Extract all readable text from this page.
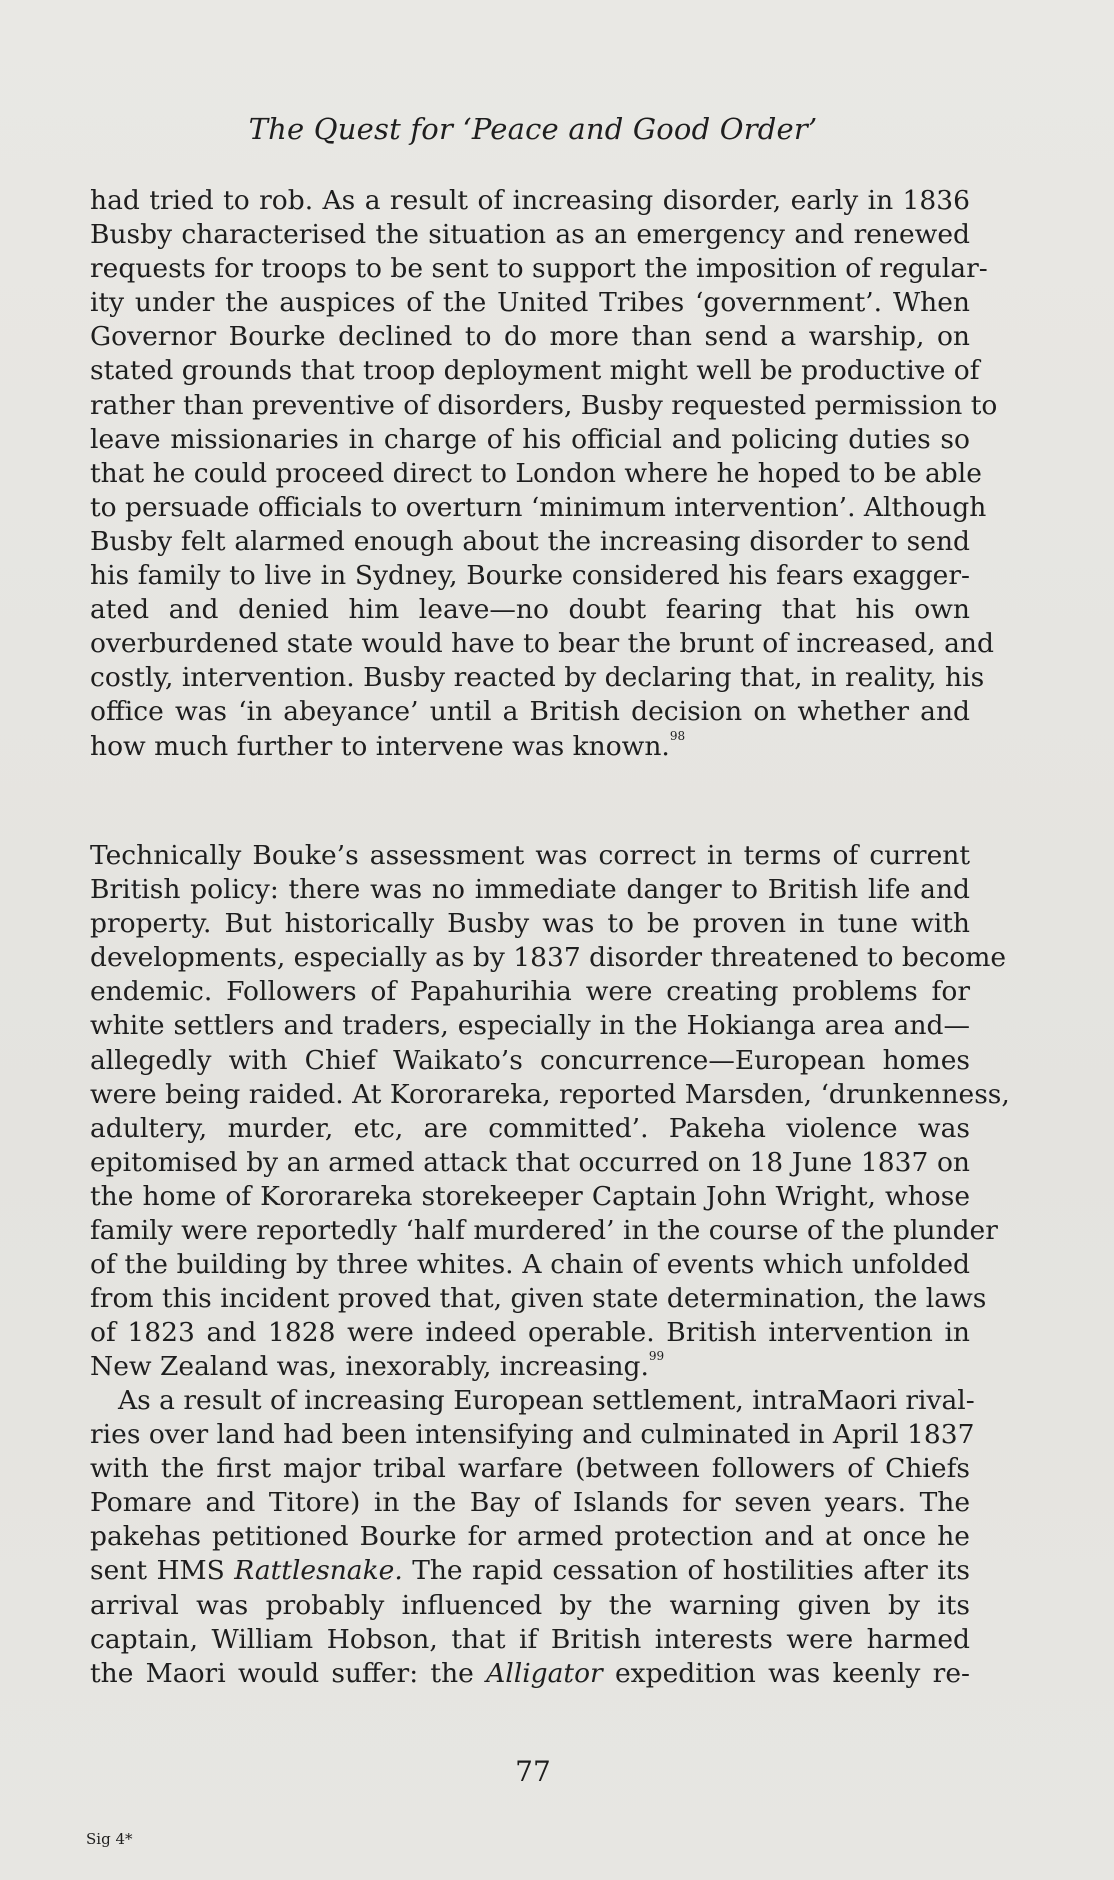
The Quest for ‘Peace and Good Order’
had tried to rob. As a result of increasing disorder, early in 1836
Busby characterised the situation as an emergency and renewed
requests for troops to be sent to support the imposition of regular-
ity under the auspices of the United Tribes ‘government’. When
Governor Bourke declined to do more than send a warship, on
stated grounds that troop deployment might well be productive of
rather than preventive of disorders, Busby requested permission to
leave missionaries in charge of his official and policing duties so
that he could proceed direct to London where he hoped to be able
to persuade officials to overturn ‘minimum intervention’. Although
Busby felt alarmed enough about the increasing disorder to send
his family to live in Sydney, Bourke considered his fears exagger-
ated and denied him leave—no doubt fearing that his own
overburdened state would have to bear the brunt of increased, and
costly, intervention. Busby reacted by declaring that, in reality, his
office was ‘in abeyance’ until a British decision on whether and
how much further to intervene was known.$^{98}$
Technically Bouke’s assessment was correct in terms of current
British policy: there was no immediate danger to British life and
property. But historically Busby was to be proven in tune with
developments, especially as by 1837 disorder threatened to become
endemic. Followers of Papahurihia were creating problems for
white settlers and traders, especially in the Hokianga area and—
allegedly with Chief Waikato’s concurrence—European homes
were being raided. At Kororareka, reported Marsden, ‘drunkenness,
adultery, murder, etc, are committed’. Pakeha violence was
epitomised by an armed attack that occurred on 18 June 1837 on
the home of Kororareka storekeeper Captain John Wright, whose
family were reportedly ‘half murdered’ in the course of the plunder
of the building by three whites. A chain of events which unfolded
from this incident proved that, given state determination, the laws
of 1823 and 1828 were indeed operable. British intervention in
New Zealand was, inexorably, increasing.$^{99}$
As a result of increasing European settlement, intraMaori rival-
ries over land had been intensifying and culminated in April 1837
with the first major tribal warfare (between followers of Chiefs
Pomare and Titore) in the Bay of Islands for seven years. The
pakehas petitioned Bourke for armed protection and at once he
sent HMS Rattlesnake. The rapid cessation of hostilities after its
arrival was probably influenced by the warning given by its
captain, William Hobson, that if British interests were harmed
the Maori would suffer: the Alligator expedition was keenly re-
77
Sig 4*
